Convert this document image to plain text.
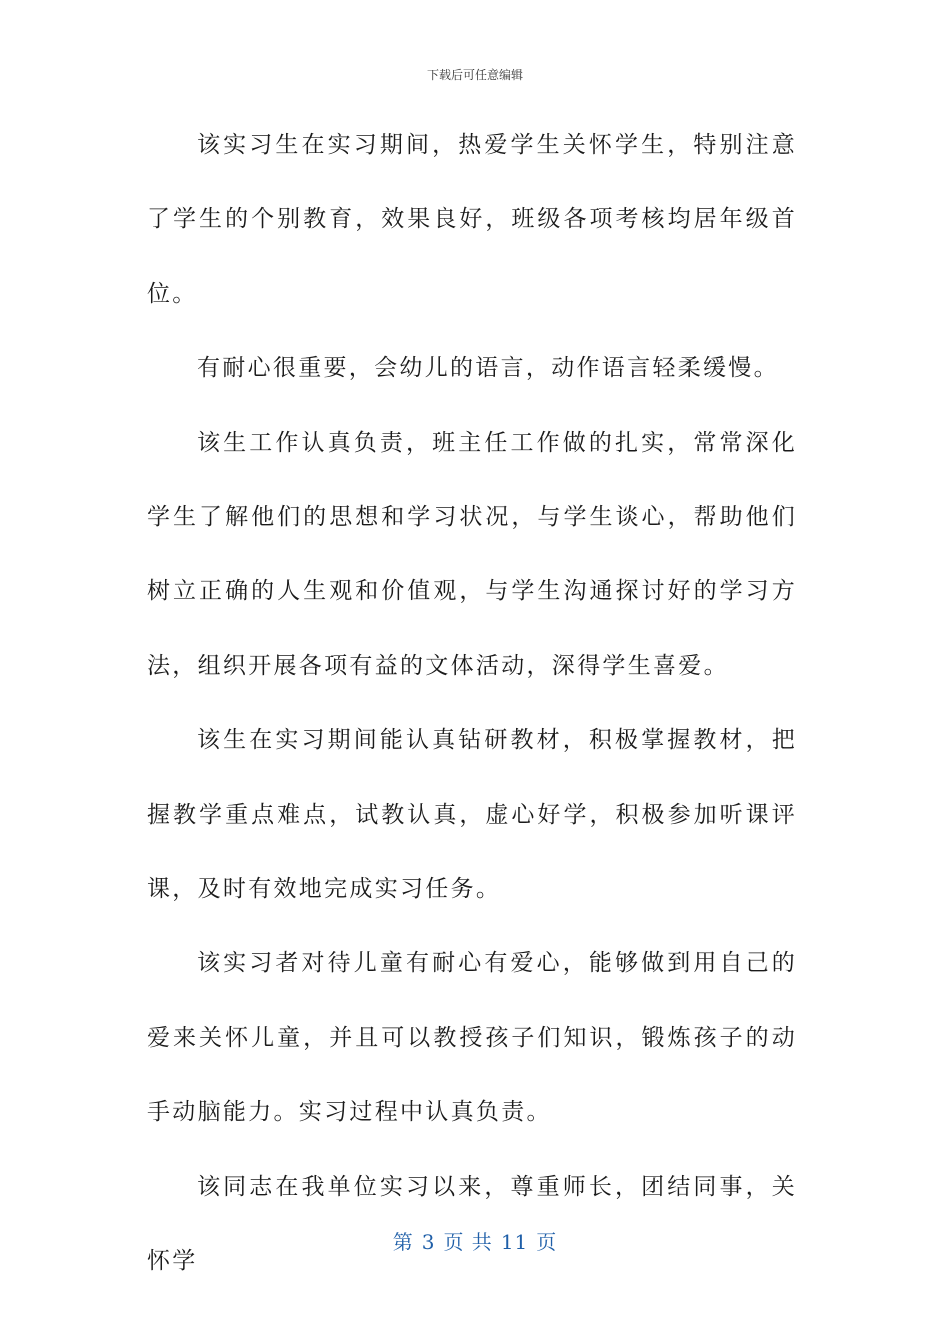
下载后可任意编辑

该实习生在实习期间，热爱学生关怀学生，特别注意了学生的个别教育，效果良好，班级各项考核均居年级首位。

有耐心很重要，会幼儿的语言，动作语言轻柔缓慢。

该生工作认真负责，班主任工作做的扎实，常常深化学生了解他们的思想和学习状况，与学生谈心，帮助他们树立正确的人生观和价值观，与学生沟通探讨好的学习方法，组织开展各项有益的文体活动，深得学生喜爱。

该生在实习期间能认真钻研教材，积极掌握教材，把握教学重点难点，试教认真，虚心好学，积极参加听课评课，及时有效地完成实习任务。

该实习者对待儿童有耐心有爱心，能够做到用自己的爱来关怀儿童，并且可以教授孩子们知识，锻炼孩子的动手动脑能力。实习过程中认真负责。

该同志在我单位实习以来，尊重师长，团结同事，关怀学

第 3 页 共 11 页
